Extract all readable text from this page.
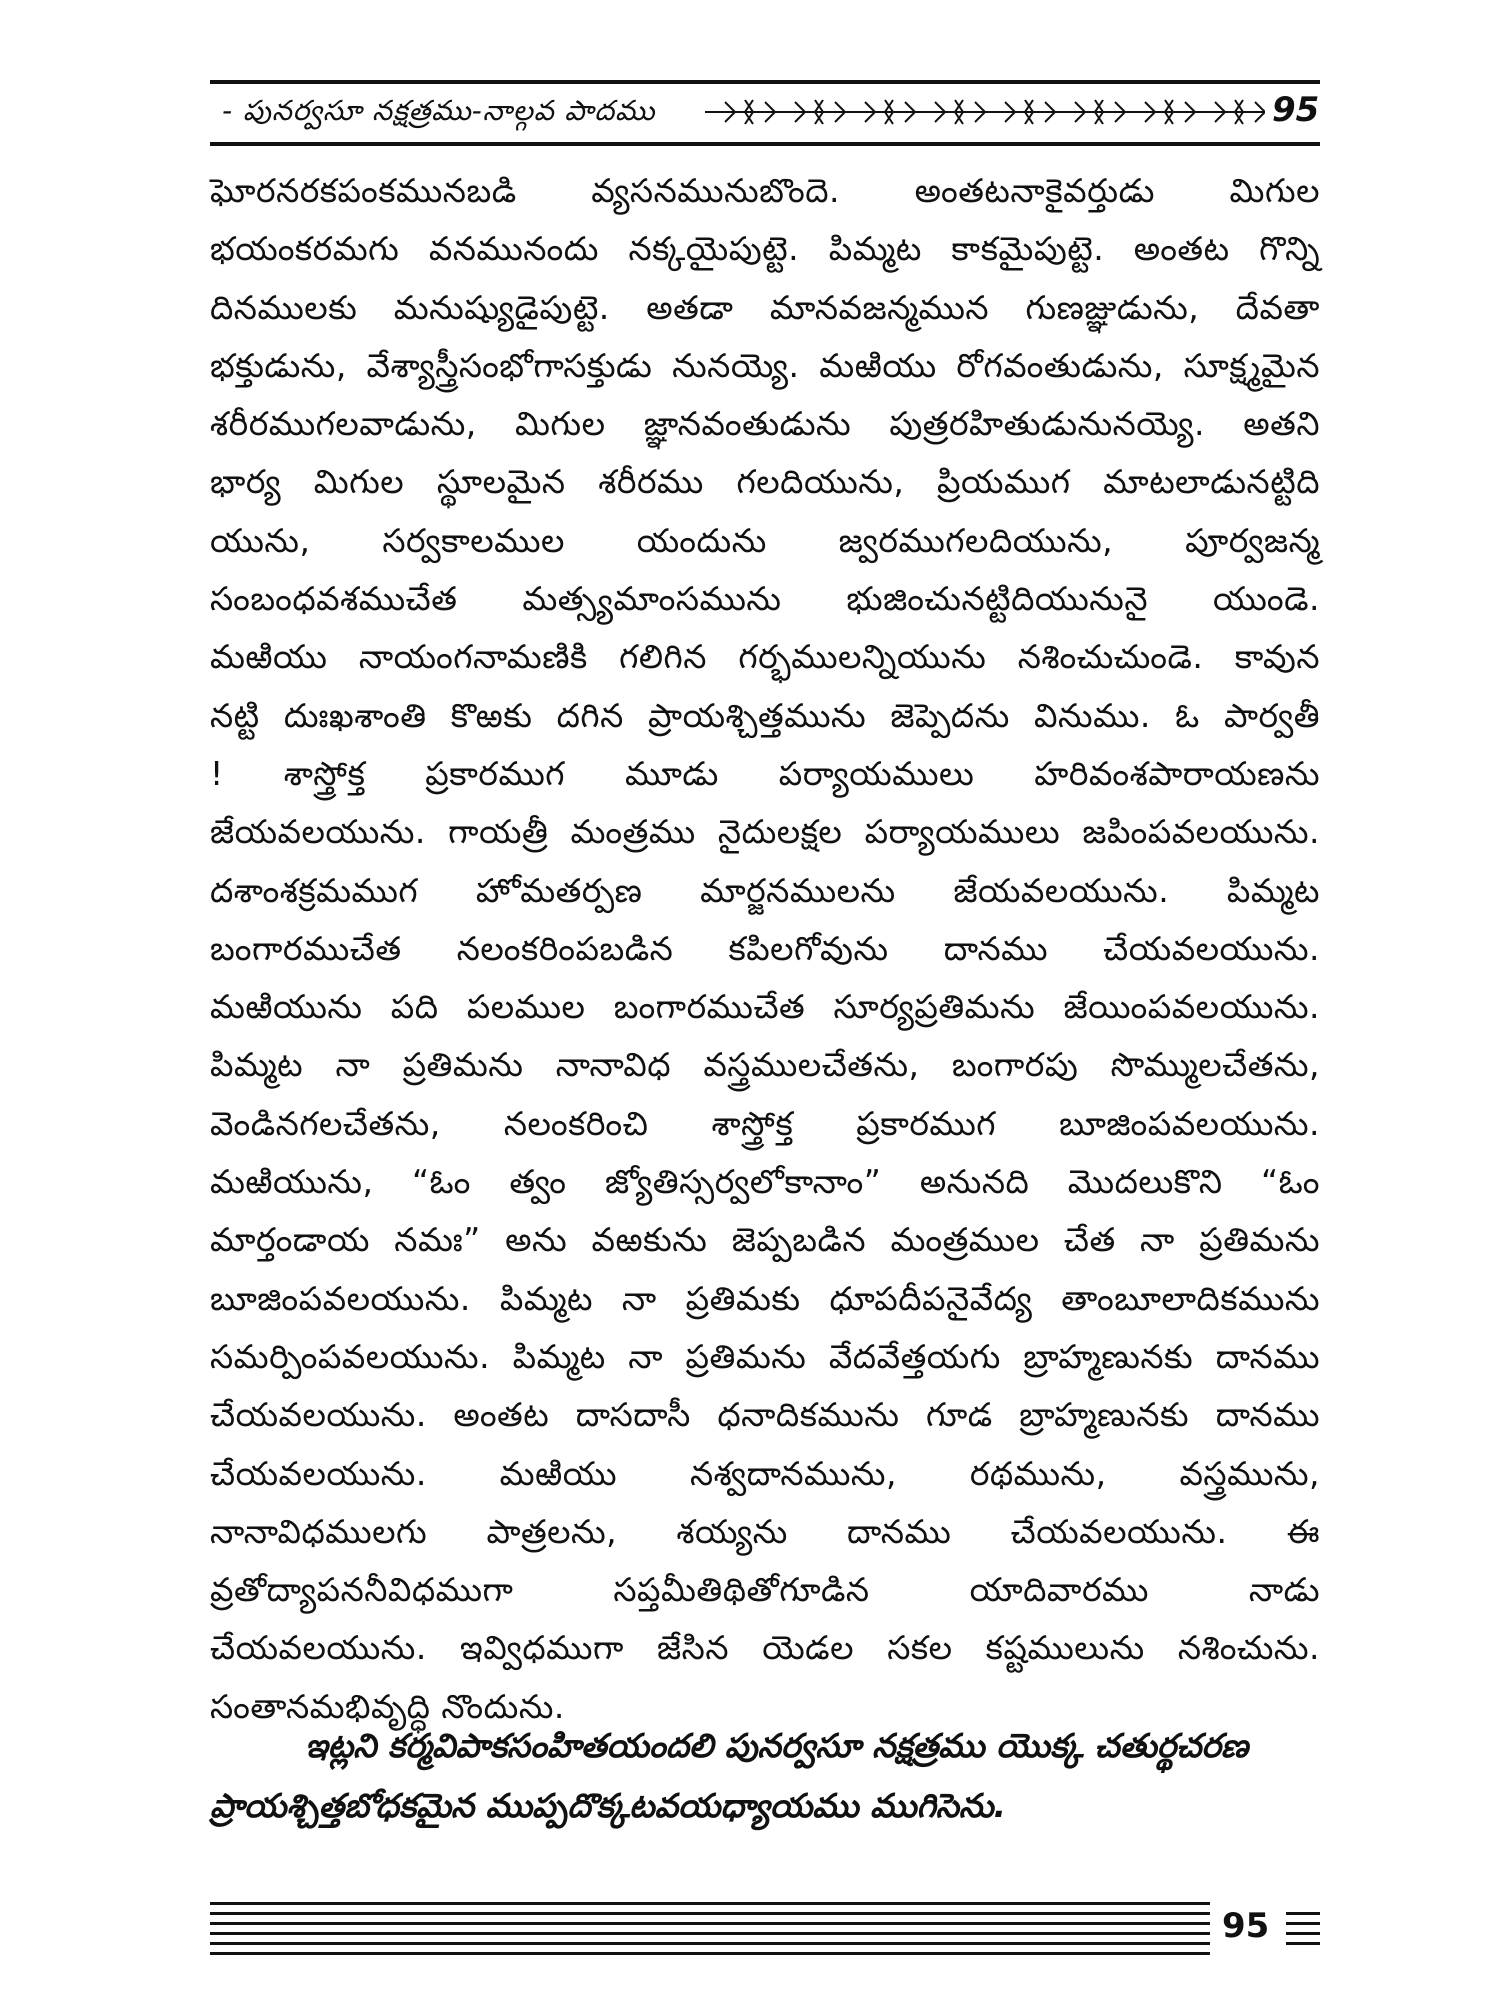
- పునర్వసూ నక్షత్రము-నాల్గవ పాదము	95

ఘోరనరకపంకమునబడి వ్యసనమునుబొందె. అంతటనాకైవర్తుడు మిగుల

భయంకరమగు వనమునందు నక్కయైపుట్టె. పిమ్మట కాకమైపుట్టె. అంతట గొన్ని

దినములకు మనుష్యుడైపుట్టె. అతడా మానవజన్మమున గుణజ్ఞుడును, దేవతా

భక్తుడును, వేశ్యాస్త్రీసంభోగాసక్తుడు నునయ్యె. మఱియు రోగవంతుడును, సూక్ష్మమైన

శరీరముగలవాడును, మిగుల జ్ఞానవంతుడును పుత్రరహితుడునునయ్యె. అతని

భార్య మిగుల స్థూలమైన శరీరము గలదియును, ప్రియముగ మాటలాడునట్టిది

యును, సర్వకాలముల యందును జ్వరముగలదియును, పూర్వజన్మ

సంబంధవశముచేత మత్స్యమాంసమును భుజించునట్టిదియునునై యుండె.

మఱియు నాయంగనామణికి గలిగిన గర్భములన్నియును నశించుచుండె. కావున

నట్టి దుఃఖశాంతి కొఱకు దగిన ప్రాయశ్చిత్తమును జెప్పెదను వినుము. ఓ పార్వతీ

! శాస్త్రోక్త ప్రకారముగ మూడు పర్యాయములు హరివంశపారాయణను

జేయవలయును. గాయత్రీ మంత్రము నైదులక్షల పర్యాయములు జపింపవలయును.

దశాంశక్రమముగ హోమతర్పణ మార్జనములను జేయవలయును. పిమ్మట

బంగారముచేత నలంకరింపబడిన కపిలగోవును దానము చేయవలయును.

మఱియును పది పలముల బంగారముచేత సూర్యప్రతిమను జేయింపవలయును.

పిమ్మట నా ప్రతిమను నానావిధ వస్త్రములచేతను, బంగారపు సొమ్ములచేతను,

వెండినగలచేతను, నలంకరించి శాస్త్రోక్త ప్రకారముగ బూజింపవలయును.

మఱియును, “ఓం త్వం జ్యోతిస్సర్వలోకానాం” అనునది మొదలుకొని “ఓం

మార్తండాయ నమః” అను వఱకును జెప్పబడిన మంత్రముల చేత నా ప్రతిమను

బూజింపవలయును. పిమ్మట నా ప్రతిమకు ధూపదీపనైవేద్య తాంబూలాదికమును

సమర్పింపవలయును. పిమ్మట నా ప్రతిమను వేదవేత్తయగు బ్రాహ్మణునకు దానము

చేయవలయును. అంతట దాసదాసీ ధనాదికమును గూడ బ్రాహ్మణునకు దానము

చేయవలయును. మఱియు నశ్వదానమును, రథమును, వస్త్రమును,

నానావిధములగు పాత్రలను, శయ్యను దానము చేయవలయును. ఈ

వ్రతోద్యాపననీవిధముగా సప్తమీతిథితోగూడిన యాదివారము నాడు

చేయవలయును. ఇవ్విధముగా జేసిన యెడల సకల కష్టములును నశించును.

సంతానమభివృద్ధి నొందును.

ఇట్లని కర్మవిపాకసంహితయందలి పునర్వసూ నక్షత్రము యొక్క చతుర్థచరణ

ప్రాయశ్చిత్తబోధకమైన ముప్పదొక్కటవయధ్యాయము ముగిసెను.

95
